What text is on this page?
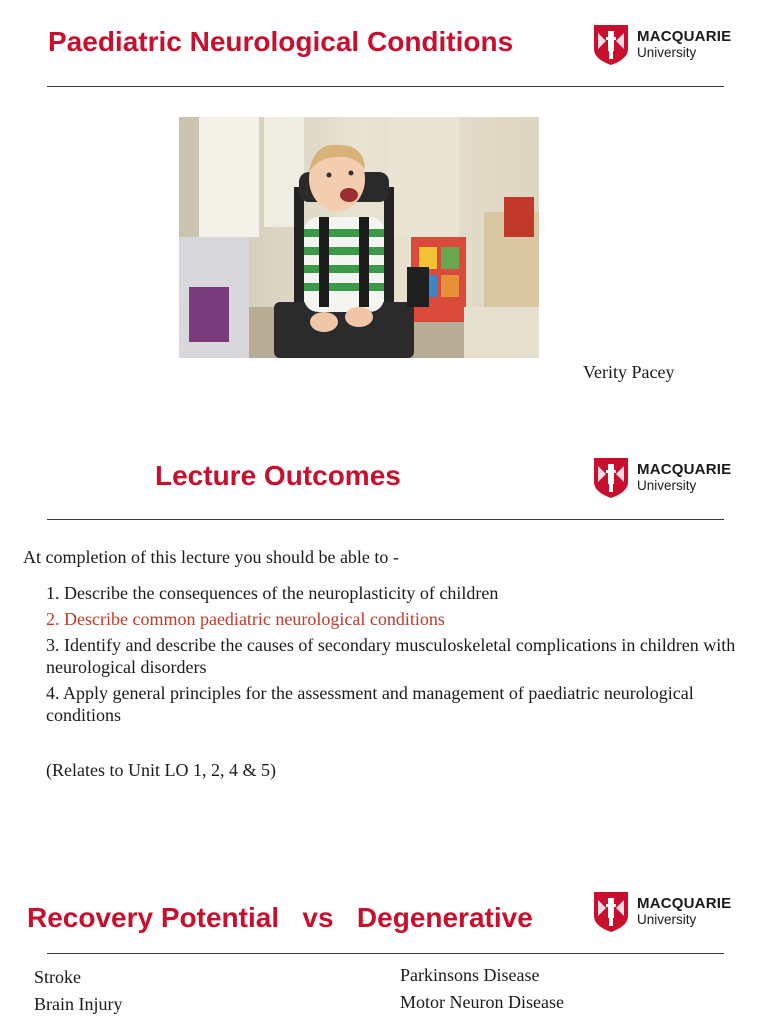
Paediatric Neurological Conditions	MACQUARIE
University
Verity Pacey
Lecture Outcomes	MACQUARIE
University
At completion of this lecture you should be able to -
1. Describe the consequences of the neuroplasticity of children
2. Describe common paediatric neurological conditions
3. Identify and describe the causes of secondary musculoskeletal complications in children with neurological disorders
4. Apply general principles for the assessment and management of paediatric neurological conditions
(Relates to Unit LO 1, 2, 4 & 5)
Recovery Potential   vs   Degenerative	MACQUARIE
University
Stroke
Brain Injury
Parkinsons Disease
Motor Neuron Disease
